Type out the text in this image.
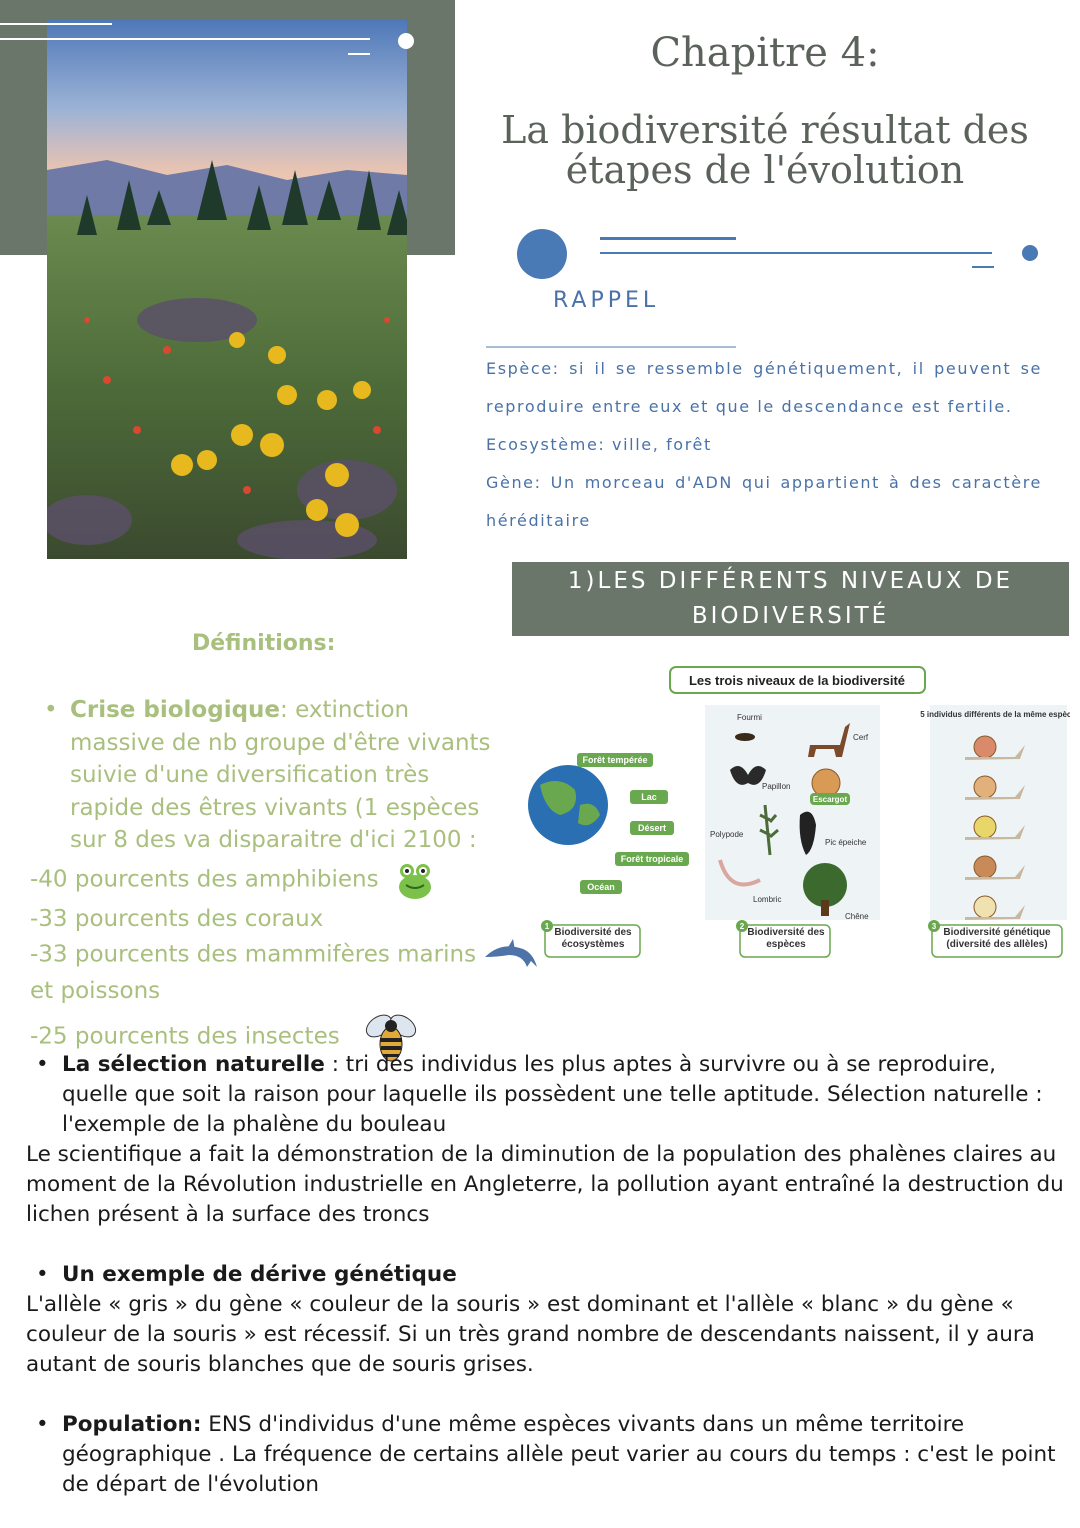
Chapitre 4:
La biodiversité résultat des
étapes de l'évolution
RAPPEL

Espèce: si il se ressemble génétiquement, il peuvent se reproduire entre eux et que le descendance est fertile.

Ecosystème: ville, forêt

Gène: Un morceau d'ADN qui appartient à des caractère héréditaire

1)LES DIFFÉRENTS NIVEAUX DE
BIODIVERSITÉ
Définitions:
• Crise biologique: extinction massive de nb groupe d'être vivants suivie d'une diversification très rapide des êtres vivants (1 espèces sur 8 des va disparaitre d'ici 2100 :
-40 pourcents des amphibiens
-33 pourcents des coraux
-33 pourcents des mammifères marins
et poissons
-25 pourcents des insectes
Les trois niveaux de la biodiversité
Forêt tempérée
Lac
Désert
Forêt tropicale
Océan
Fourmi
Cerf
Papillon
Escargot
Polypode
Pic épeiche
Lombric
Chêne
5 individus différents de la même espèce
1
Biodiversité des écosystèmes
2
Biodiversité des espèces
3
Biodiversité génétique (diversité des allèles)
• La sélection naturelle : tri des individus les plus aptes à survivre ou à se reproduire, quelle que soit la raison pour laquelle ils possèdent une telle aptitude. Sélection naturelle : l'exemple de la phalène du bouleau
Le scientifique a fait la démonstration de la diminution de la population des phalènes claires au moment de la Révolution industrielle en Angleterre, la pollution ayant entraîné la destruction du lichen présent à la surface des troncs
• Un exemple de dérive génétique
L'allèle « gris » du gène « couleur de la souris » est dominant et l'allèle « blanc » du gène « couleur de la souris » est récessif. Si un très grand nombre de descendants naissent, il y aura autant de souris blanches que de souris grises.
• Population: ENS d'individus d'une même espèces vivants dans un même territoire géographique . La fréquence de certains allèle peut varier au cours du temps : c'est le point de départ de l'évolution
